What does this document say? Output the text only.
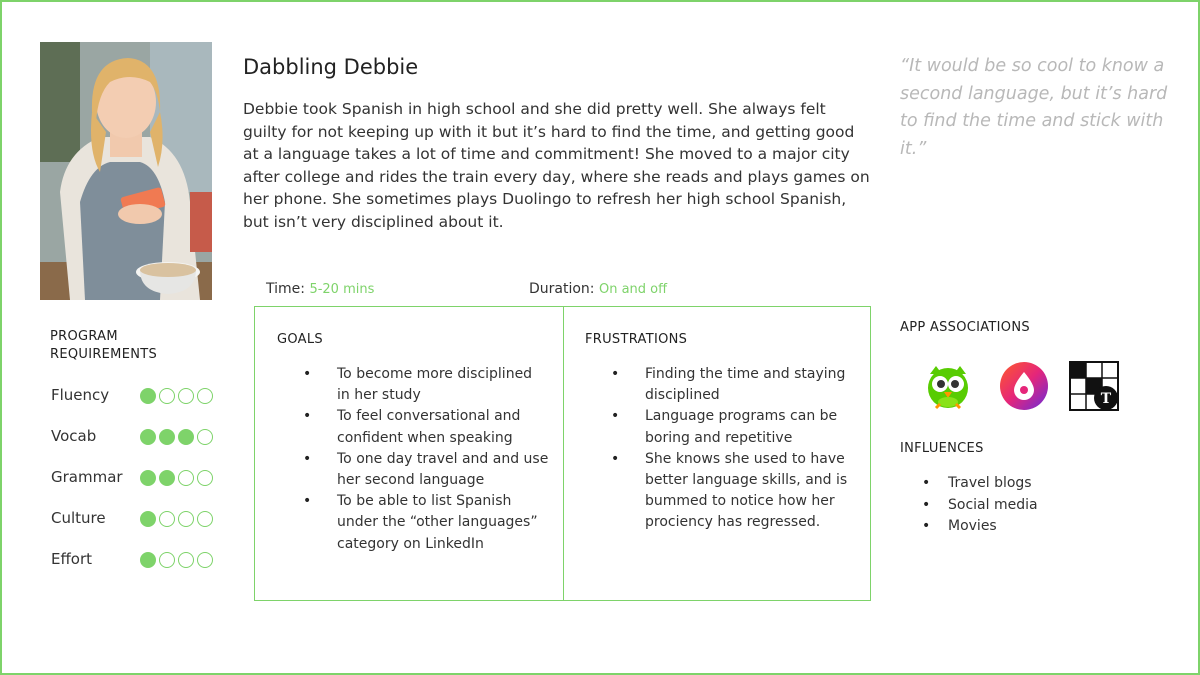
Dabbling Debbie
Debbie took Spanish in high school and she did pretty well. She always felt guilty for not keeping up with it but it’s hard to find the time, and getting good at a language takes a lot of time and commitment! She moved to a major city after college and rides the train every day, where she reads and plays games on her phone. She sometimes plays Duolingo to refresh her high school Spanish, but isn’t very disciplined about it.
“It would be so cool to know a second language, but it’s hard to find the time and stick with it.”
Time: 5-20 mins	Duration: On and off
GOALS
• To become more disciplined in her study
• To feel conversational and confident when speaking
• To one day travel and and use her second language
• To be able to list Spanish under the “other languages” category on LinkedIn
FRUSTRATIONS
• Finding the time and staying disciplined
• Language programs can be boring and repetitive
• She knows she used to have better language skills, and is bummed to notice how her prociency has regressed.
PROGRAM
REQUIREMENTS
Fluency
Vocab
Grammar
Culture
Effort
APP ASSOCIATIONS
T
INFLUENCES
• Travel blogs
• Social media
• Movies
